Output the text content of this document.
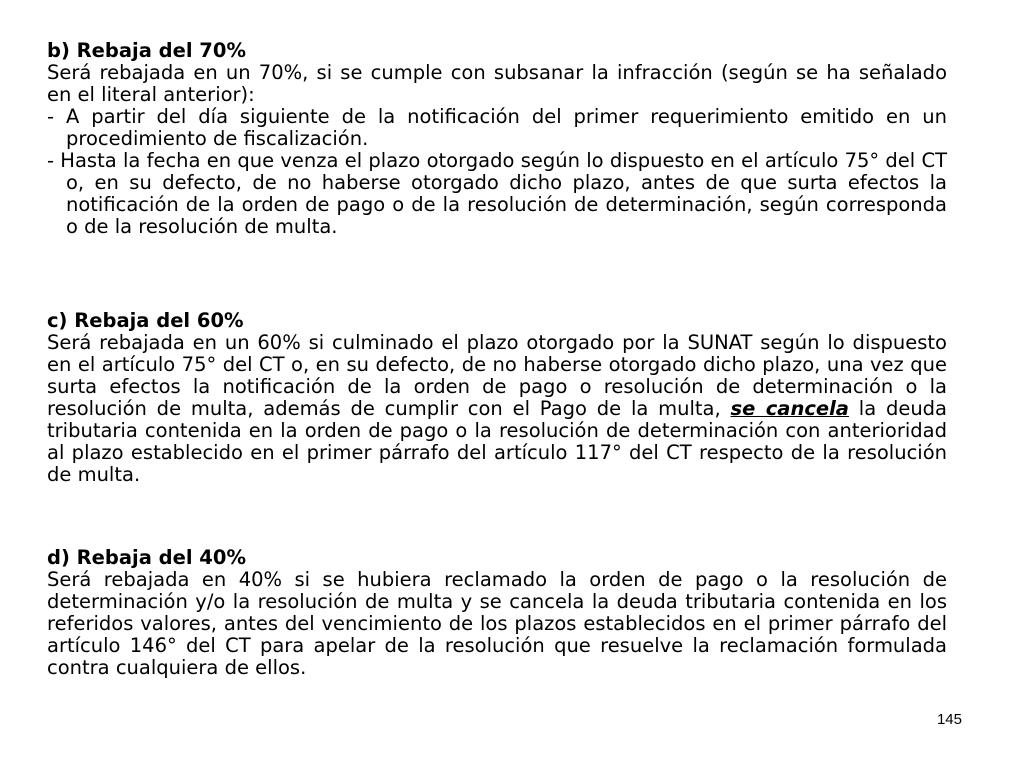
b) Rebaja del 70%

Será rebajada en un 70%, si se cumple con subsanar la infracción (según se ha señalado en el literal anterior):

- A partir del día siguiente de la notificación del primer requerimiento emitido en un procedimiento de fiscalización.

- Hasta la fecha en que venza el plazo otorgado según lo dispuesto en el artículo 75° del CT o, en su defecto, de no haberse otorgado dicho plazo, antes de que surta efectos la notificación de la orden de pago o de la resolución de determinación, según corresponda o de la resolución de multa.

c) Rebaja del 60%

Será rebajada en un 60% si culminado el plazo otorgado por la SUNAT según lo dispuesto en el artículo 75° del CT o, en su defecto, de no haberse otorgado dicho plazo, una vez que surta efectos la notificación de la orden de pago o resolución de determinación o la resolución de multa, además de cumplir con el Pago de la multa, se cancela la deuda tributaria contenida en la orden de pago o la resolución de determinación con anterioridad al plazo establecido en el primer párrafo del artículo 117° del CT respecto de la resolución de multa.

d) Rebaja del 40%

Será rebajada en 40% si se hubiera reclamado la orden de pago o la resolución de determinación y/o la resolución de multa y se cancela la deuda tributaria contenida en los referidos valores, antes del vencimiento de los plazos establecidos en el primer párrafo del artículo 146° del CT para apelar de la resolución que resuelve la reclamación formulada contra cualquiera de ellos.

145
